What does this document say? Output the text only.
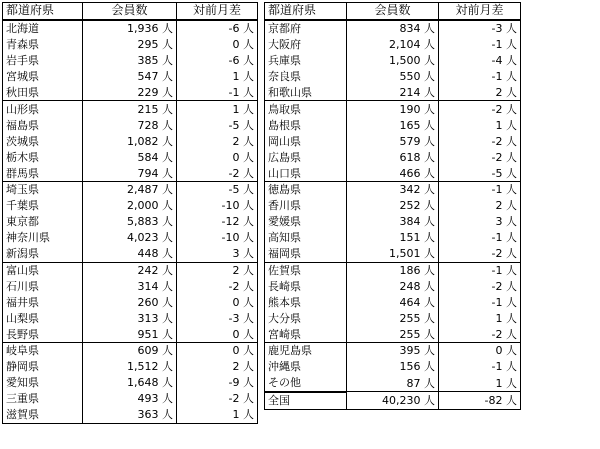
都道府県	会員数	対前月差
北海道	1,936 人	-6 人
青森県	295 人	0 人
岩手県	385 人	-6 人
宮城県	547 人	1 人
秋田県	229 人	-1 人
山形県	215 人	1 人
福島県	728 人	-5 人
茨城県	1,082 人	2 人
栃木県	584 人	0 人
群馬県	794 人	-2 人
埼玉県	2,487 人	-5 人
千葉県	2,000 人	-10 人
東京都	5,883 人	-12 人
神奈川県	4,023 人	-10 人
新潟県	448 人	3 人
富山県	242 人	2 人
石川県	314 人	-2 人
福井県	260 人	0 人
山梨県	313 人	-3 人
長野県	951 人	0 人
岐阜県	609 人	0 人
静岡県	1,512 人	2 人
愛知県	1,648 人	-9 人
三重県	493 人	-2 人
滋賀県	363 人	1 人
都道府県	会員数	対前月差
京都府	834 人	-3 人
大阪府	2,104 人	-1 人
兵庫県	1,500 人	-4 人
奈良県	550 人	-1 人
和歌山県	214 人	2 人
鳥取県	190 人	-2 人
島根県	165 人	1 人
岡山県	579 人	-2 人
広島県	618 人	-2 人
山口県	466 人	-5 人
徳島県	342 人	-1 人
香川県	252 人	2 人
愛媛県	384 人	3 人
高知県	151 人	-1 人
福岡県	1,501 人	-2 人
佐賀県	186 人	-1 人
長崎県	248 人	-2 人
熊本県	464 人	-1 人
大分県	255 人	1 人
宮崎県	255 人	-2 人
鹿児島県	395 人	0 人
沖縄県	156 人	-1 人
その他	87 人	1 人
全国	40,230 人	-82 人
